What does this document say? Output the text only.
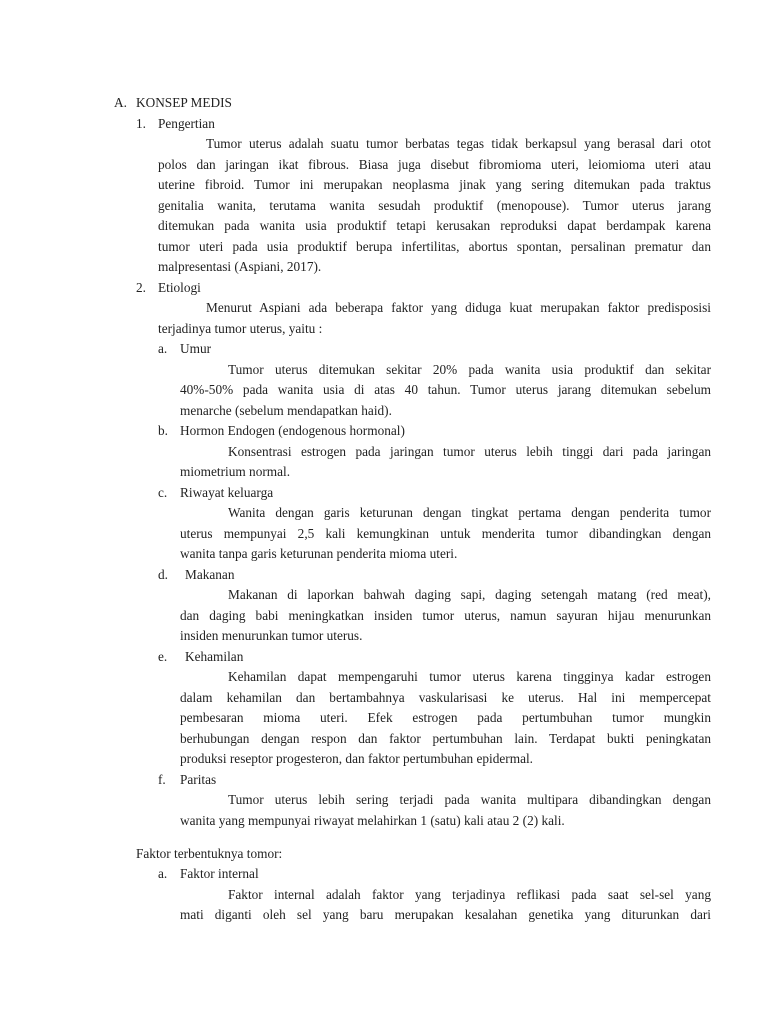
A. KONSEP MEDIS
1. Pengertian
Tumor uterus adalah suatu tumor berbatas tegas tidak berkapsul yang berasal dari otot
polos dan jaringan ikat fibrous. Biasa juga disebut fibromioma uteri, leiomioma uteri atau
uterine fibroid. Tumor ini merupakan neoplasma jinak yang sering ditemukan pada traktus
genitalia wanita, terutama wanita sesudah produktif (menopouse). Tumor uterus jarang
ditemukan pada wanita usia produktif tetapi kerusakan reproduksi dapat berdampak karena
tumor uteri pada usia produktif berupa infertilitas, abortus spontan, persalinan prematur dan
malpresentasi (Aspiani, 2017).
2. Etiologi
Menurut Aspiani ada beberapa faktor yang diduga kuat merupakan faktor predisposisi
terjadinya tumor uterus, yaitu :
a. Umur
Tumor uterus ditemukan sekitar 20% pada wanita usia produktif dan sekitar
40%-50% pada wanita usia di atas 40 tahun. Tumor uterus jarang ditemukan sebelum
menarche (sebelum mendapatkan haid).
b. Hormon Endogen (endogenous hormonal)
Konsentrasi estrogen pada jaringan tumor uterus lebih tinggi dari pada jaringan
miometrium normal.
c. Riwayat keluarga
Wanita dengan garis keturunan dengan tingkat pertama dengan penderita tumor
uterus mempunyai 2,5 kali kemungkinan untuk menderita tumor dibandingkan dengan
wanita tanpa garis keturunan penderita mioma uteri.
d. Makanan
Makanan di laporkan bahwah daging sapi, daging setengah matang (red meat),
dan daging babi meningkatkan insiden tumor uterus, namun sayuran hijau menurunkan
insiden menurunkan tumor uterus.
e. Kehamilan
Kehamilan dapat mempengaruhi tumor uterus karena tingginya kadar estrogen
dalam kehamilan dan bertambahnya vaskularisasi ke uterus. Hal ini mempercepat
pembesaran mioma uteri. Efek estrogen pada pertumbuhan tumor mungkin
berhubungan dengan respon dan faktor pertumbuhan lain. Terdapat bukti peningkatan
produksi reseptor progesteron, dan faktor pertumbuhan epidermal.
f. Paritas
Tumor uterus lebih sering terjadi pada wanita multipara dibandingkan dengan
wanita yang mempunyai riwayat melahirkan 1 (satu) kali atau 2 (2) kali.
Faktor terbentuknya tomor:
a. Faktor internal
Faktor internal adalah faktor yang terjadinya reflikasi pada saat sel-sel yang
mati diganti oleh sel yang baru merupakan kesalahan genetika yang diturunkan dari
